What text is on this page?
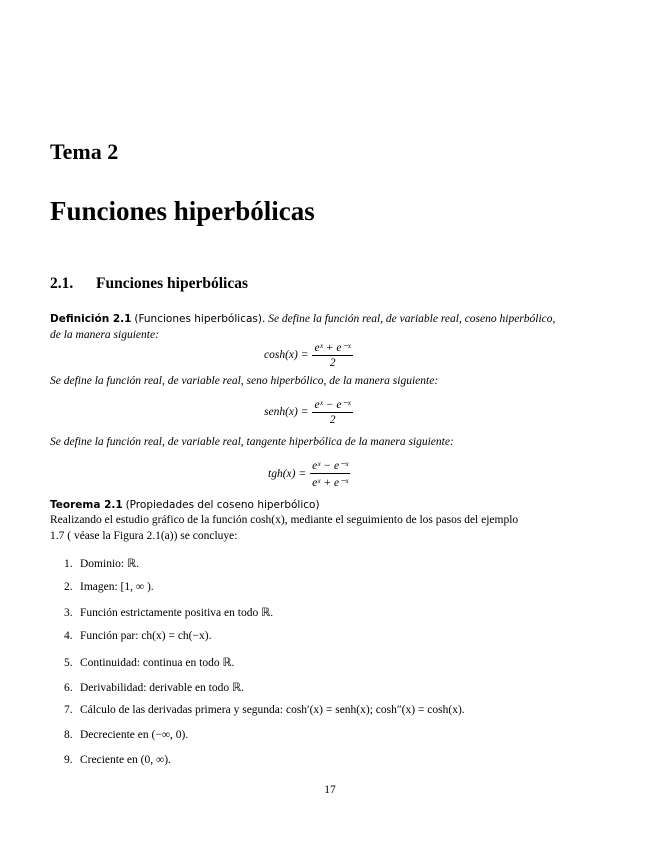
Tema 2
Funciones hiperbólicas
2.1. Funciones hiperbólicas
Definición 2.1 (Funciones hiperbólicas). Se define la función real, de variable real, coseno hiperbólico,
de la manera siguiente:
$\cosh(x) = \frac{\text{eˣ + e⁻ˣ}}{2}$
Se define la función real, de variable real, seno hiperbólico, de la manera siguiente:
senh(x) = $\frac{\text{eˣ − e⁻ˣ}}{2}$
Se define la función real, de variable real, tangente hiperbólica de la manera siguiente:
$tgh(x) = \frac{\text{eˣ − e⁻ˣ}}{\text{eˣ + e⁻ˣ}}$
Teorema 2.1 (Propiedades del coseno hiperbólico)
Realizando el estudio gráfico de la función cosh(x), mediante el seguimiento de los pasos del ejemplo
1.7 ( véase la Figura 2.1(a)) se concluye:
1. Dominio: ℝ.
2. Imagen: [1, ∞ ).
3. Función estrictamente positiva en todo ℝ.
4. Función par: ch(x) = ch(−x).
5. Continuidad: continua en todo ℝ.
6. Derivabilidad: derivable en todo ℝ.
7. Cálculo de las derivadas primera y segunda: cosh′(x) = senh(x); cosh″(x) = cosh(x).
8. Decreciente en (−∞, 0).
9. Creciente en (0, ∞).
17
